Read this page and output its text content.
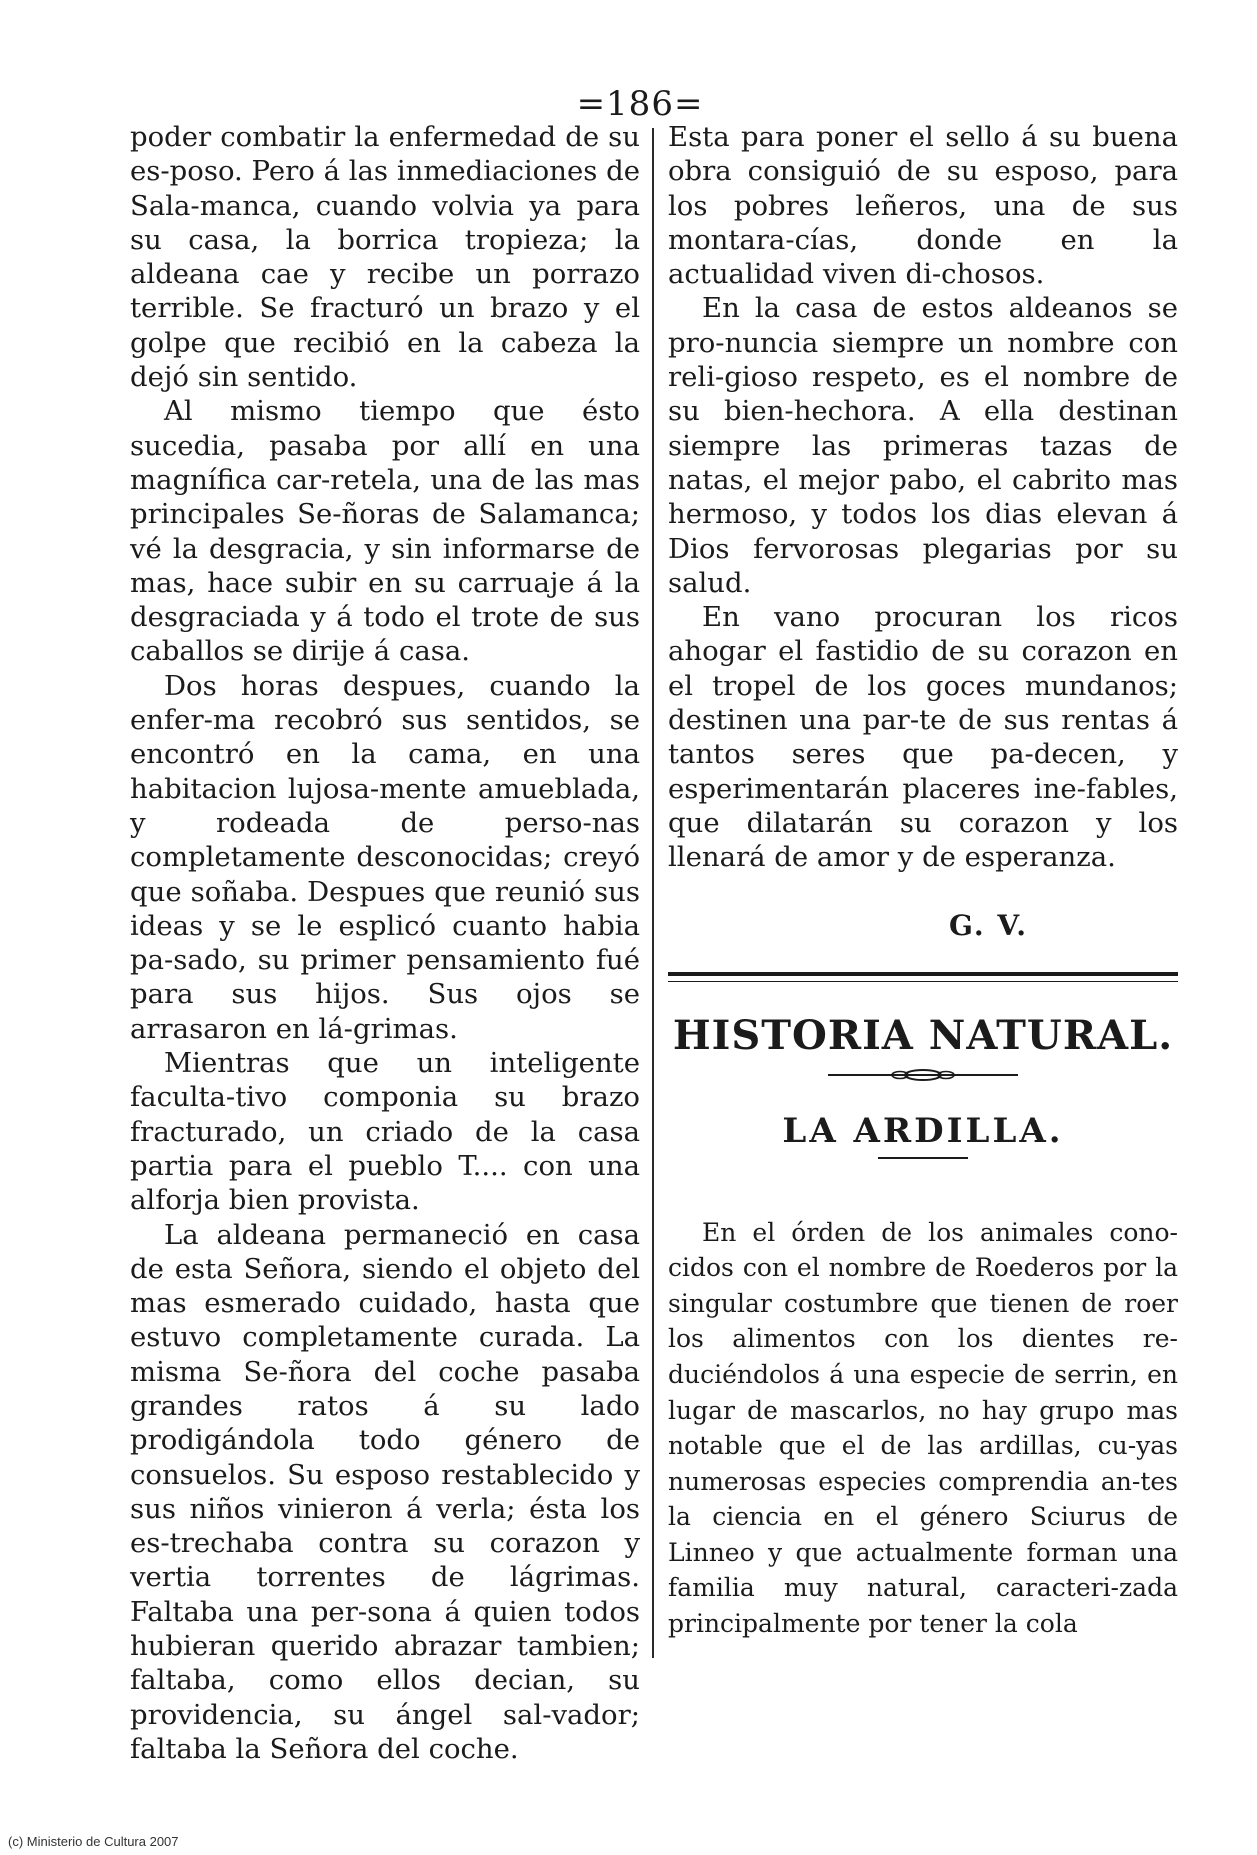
=186=

poder combatir la enfermedad de su es-poso. Pero á las inmediaciones de Sala-manca, cuando volvia ya para su casa, la borrica tropieza; la aldeana cae y recibe un porrazo terrible. Se fracturó un brazo y el golpe que recibió en la cabeza la dejó sin sentido.

Al mismo tiempo que ésto sucedia, pasaba por allí en una magnífica car-retela, una de las mas principales Se-ñoras de Salamanca; vé la desgracia, y sin informarse de mas, hace subir en su carruaje á la desgraciada y á todo el trote de sus caballos se dirije á casa.

Dos horas despues, cuando la enfer-ma recobró sus sentidos, se encontró en la cama, en una habitacion lujosa-mente amueblada, y rodeada de perso-nas completamente desconocidas; creyó que soñaba. Despues que reunió sus ideas y se le esplicó cuanto habia pa-sado, su primer pensamiento fué para sus hijos. Sus ojos se arrasaron en lá-grimas.

Mientras que un inteligente faculta-tivo componia su brazo fracturado, un criado de la casa partia para el pueblo T.... con una alforja bien provista.

La aldeana permaneció en casa de esta Señora, siendo el objeto del mas esmerado cuidado, hasta que estuvo completamente curada. La misma Se-ñora del coche pasaba grandes ratos á su lado prodigándola todo género de consuelos. Su esposo restablecido y sus niños vinieron á verla; ésta los es-trechaba contra su corazon y vertia torrentes de lágrimas. Faltaba una per-sona á quien todos hubieran querido abrazar tambien; faltaba, como ellos decian, su providencia, su ángel sal-vador; faltaba la Señora del coche.

Esta para poner el sello á su buena obra consiguió de su esposo, para los pobres leñeros, una de sus montara-cías, donde en la actualidad viven di-chosos.

En la casa de estos aldeanos se pro-nuncia siempre un nombre con reli-gioso respeto, es el nombre de su bien-hechora. A ella destinan siempre las primeras tazas de natas, el mejor pabo, el cabrito mas hermoso, y todos los dias elevan á Dios fervorosas plegarias por su salud.

En vano procuran los ricos ahogar el fastidio de su corazon en el tropel de los goces mundanos; destinen una par-te de sus rentas á tantos seres que pa-decen, y esperimentarán placeres ine-fables, que dilatarán su corazon y los llenará de amor y de esperanza.

G. V.
HISTORIA NATURAL.
LA ARDILLA.

En el órden de los animales cono-cidos con el nombre de Roederos por la singular costumbre que tienen de roer los alimentos con los dientes re-duciéndolos á una especie de serrin, en lugar de mascarlos, no hay grupo mas notable que el de las ardillas, cu-yas numerosas especies comprendia an-tes la ciencia en el género Sciurus de Linneo y que actualmente forman una familia muy natural, caracteri-zada principalmente por tener la cola

(c) Ministerio de Cultura 2007
